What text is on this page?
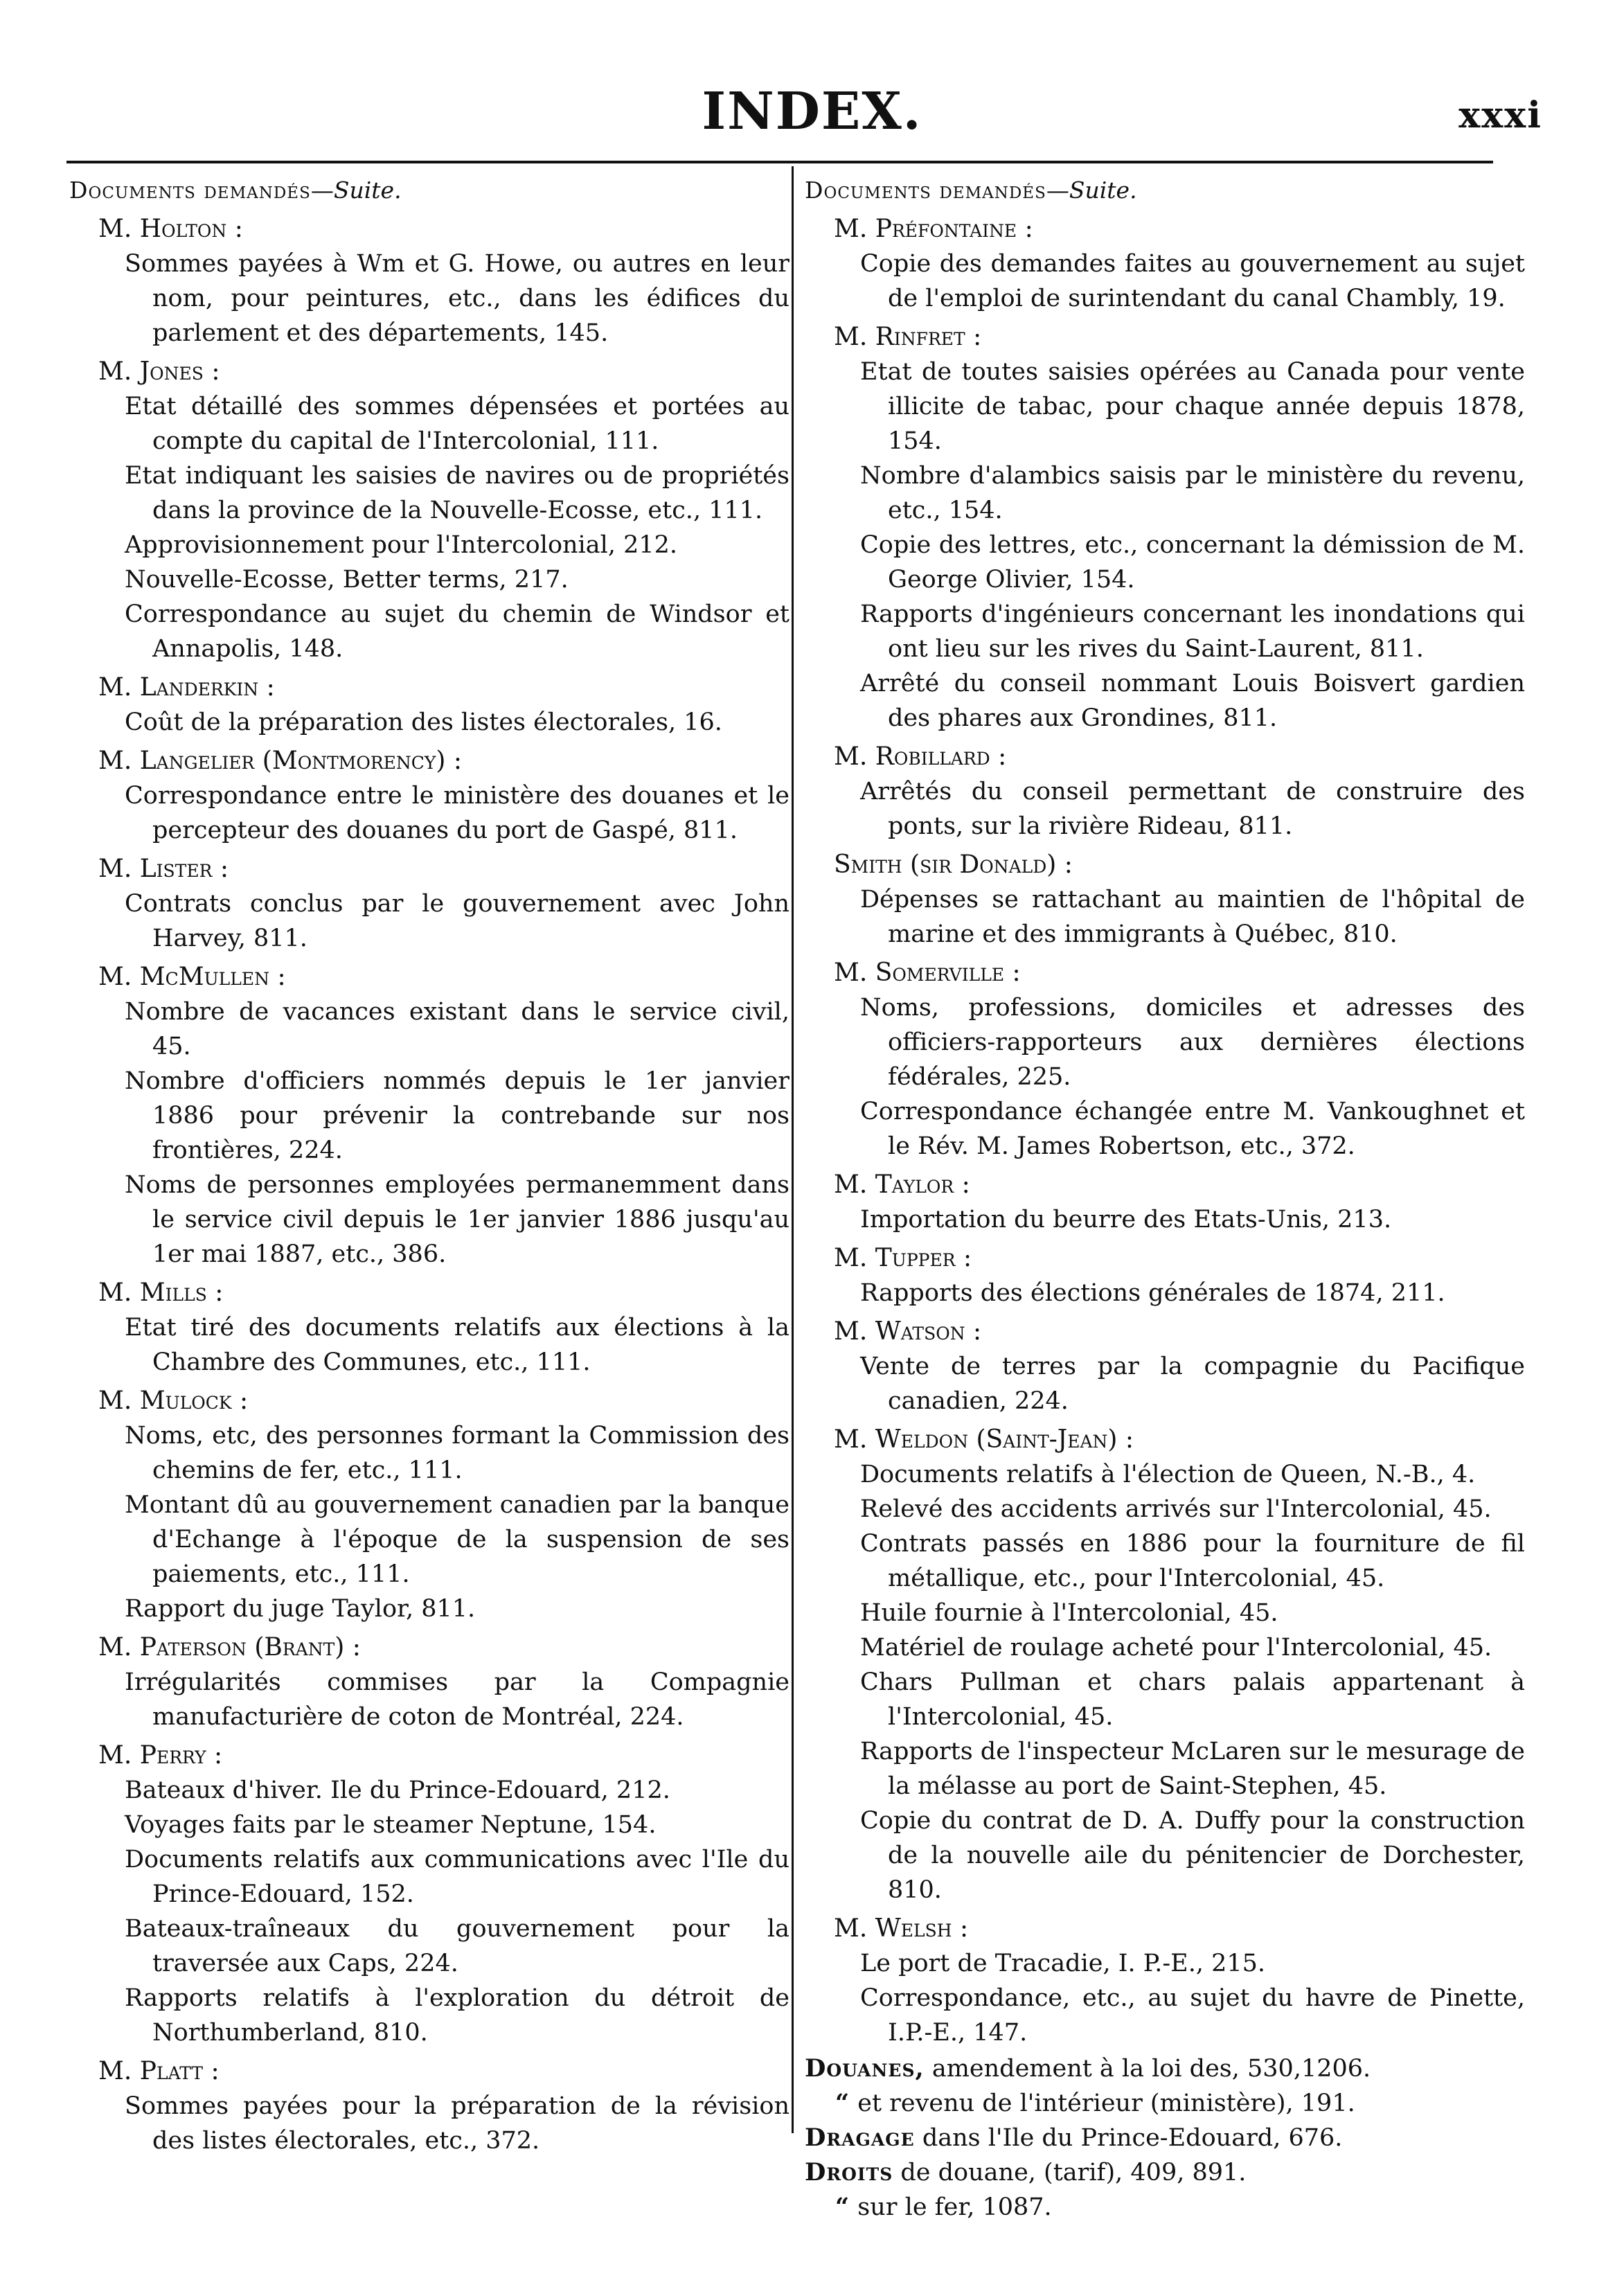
INDEX.	xxxi
Documents demandés—Suite.
M. Holton :
Sommes payées à Wm et G. Howe, ou autres en leur nom, pour peintures, etc., dans les édifices du parlement et des départements, 145.
M. Jones :
Etat détaillé des sommes dépensées et portées au compte du capital de l'Intercolonial, 111.
Etat indiquant les saisies de navires ou de propriétés dans la province de la Nouvelle-Ecosse, etc., 111.
Approvisionnement pour l'Intercolonial, 212.
Nouvelle-Ecosse, Better terms, 217.
Correspondance au sujet du chemin de Windsor et Annapolis, 148.
M. Landerkin :
Coût de la préparation des listes électorales, 16.
M. Langelier (Montmorency) :
Correspondance entre le ministère des douanes et le percepteur des douanes du port de Gaspé, 811.
M. Lister :
Contrats conclus par le gouvernement avec John Harvey, 811.
M. McMullen :
Nombre de vacances existant dans le service civil, 45.
Nombre d'officiers nommés depuis le 1er janvier 1886 pour prévenir la contrebande sur nos frontières, 224.
Noms de personnes employées permanemment dans le service civil depuis le 1er janvier 1886 jusqu'au 1er mai 1887, etc., 386.
M. Mills :
Etat tiré des documents relatifs aux élections à la Chambre des Communes, etc., 111.
M. Mulock :
Noms, etc, des personnes formant la Commission des chemins de fer, etc., 111.
Montant dû au gouvernement canadien par la banque d'Echange à l'époque de la suspension de ses paiements, etc., 111.
Rapport du juge Taylor, 811.
M. Paterson (Brant) :
Irrégularités commises par la Compagnie manufacturière de coton de Montréal, 224.
M. Perry :
Bateaux d'hiver. Ile du Prince-Edouard, 212.
Voyages faits par le steamer Neptune, 154.
Documents relatifs aux communications avec l'Ile du Prince-Edouard, 152.
Bateaux-traîneaux du gouvernement pour la traversée aux Caps, 224.
Rapports relatifs à l'exploration du détroit de Northumberland, 810.
M. Platt :
Sommes payées pour la préparation de la révision des listes électorales, etc., 372.
Documents demandés—Suite.
M. Préfontaine :
Copie des demandes faites au gouvernement au sujet de l'emploi de surintendant du canal Chambly, 19.
M. Rinfret :
Etat de toutes saisies opérées au Canada pour vente illicite de tabac, pour chaque année depuis 1878, 154.
Nombre d'alambics saisis par le ministère du revenu, etc., 154.
Copie des lettres, etc., concernant la démission de M. George Olivier, 154.
Rapports d'ingénieurs concernant les inondations qui ont lieu sur les rives du Saint-Laurent, 811.
Arrêté du conseil nommant Louis Boisvert gardien des phares aux Grondines, 811.
M. Robillard :
Arrêtés du conseil permettant de construire des ponts, sur la rivière Rideau, 811.
Smith (sir Donald) :
Dépenses se rattachant au maintien de l'hôpital de marine et des immigrants à Québec, 810.
M. Somerville :
Noms, professions, domiciles et adresses des officiers-rapporteurs aux dernières élections fédérales, 225.
Correspondance échangée entre M. Vankoughnet et le Rév. M. James Robertson, etc., 372.
M. Taylor :
Importation du beurre des Etats-Unis, 213.
M. Tupper :
Rapports des élections générales de 1874, 211.
M. Watson :
Vente de terres par la compagnie du Pacifique canadien, 224.
M. Weldon (Saint-Jean) :
Documents relatifs à l'élection de Queen, N.-B., 4.
Relevé des accidents arrivés sur l'Intercolonial, 45.
Contrats passés en 1886 pour la fourniture de fil métallique, etc., pour l'Intercolonial, 45.
Huile fournie à l'Intercolonial, 45.
Matériel de roulage acheté pour l'Intercolonial, 45.
Chars Pullman et chars palais appartenant à l'Intercolonial, 45.
Rapports de l'inspecteur McLaren sur le mesurage de la mélasse au port de Saint-Stephen, 45.
Copie du contrat de D. A. Duffy pour la construction de la nouvelle aile du pénitencier de Dorchester, 810.
M. Welsh :
Le port de Tracadie, I. P.-E., 215.
Correspondance, etc., au sujet du havre de Pinette, I.P.-E., 147.
Douanes, amendement à la loi des, 530,1206.
“ et revenu de l'intérieur (ministère), 191.
Dragage dans l'Ile du Prince-Edouard, 676.
Droits de douane, (tarif), 409, 891.
“ sur le fer, 1087.
